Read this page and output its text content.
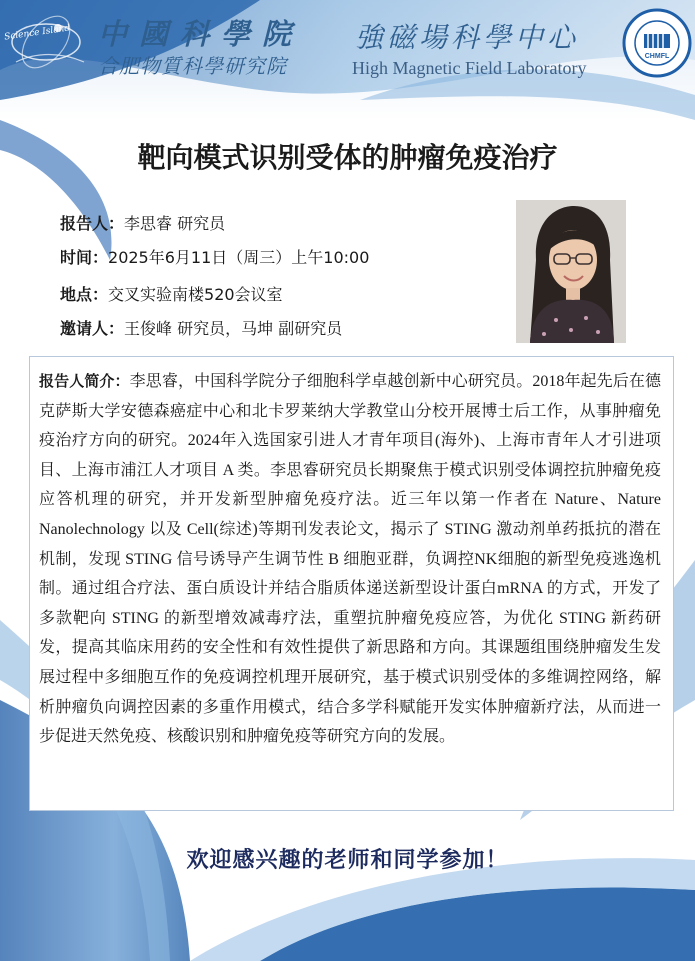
Science Island 中國科學院
合肥物質科學研究院
強磁場科學中心
High Magnetic Field Laboratory
CHMFL
靶向模式识别受体的肿瘤免疫治疗
报告人：李思睿 研究员
时间：2025年6月11日（周三）上午10:00
地点：交叉实验南楼520会议室
邀请人：王俊峰 研究员，马坤 副研究员

报告人简介：李思睿，中国科学院分子细胞科学卓越创新中心研究员。2018年起先后在德克萨斯大学安德森癌症中心和北卡罗莱纳大学教堂山分校开展博士后工作，从事肿瘤免疫治疗方向的研究。2024年入选国家引进人才青年项目(海外)、上海市青年人才引进项目、上海市浦江人才项目 A 类。李思睿研究员长期聚焦于模式识别受体调控抗肿瘤免疫应答机理的研究，并开发新型肿瘤免疫疗法。近三年以第一作者在 Nature、Nature Nanolechnology 以及 Cell(综述)等期刊发表论文，揭示了 STING 激动剂单药抵抗的潜在机制，发现 STING 信号诱导产生调节性 B 细胞亚群，负调控NK细胞的新型免疫逃逸机制。通过组合疗法、蛋白质设计并结合脂质体递送新型设计蛋白mRNA 的方式，开发了多款靶向 STING 的新型增效减毒疗法，重塑抗肿瘤免疫应答，为优化 STING 新药研发，提高其临床用药的安全性和有效性提供了新思路和方向。其课题组围绕肿瘤发生发展过程中多细胞互作的免疫调控机理开展研究，基于模式识别受体的多维调控网络，解析肿瘤负向调控因素的多重作用模式，结合多学科赋能开发实体肿瘤新疗法，从而进一步促进天然免疫、核酸识别和肿瘤免疫等研究方向的发展。

欢迎感兴趣的老师和同学参加！
